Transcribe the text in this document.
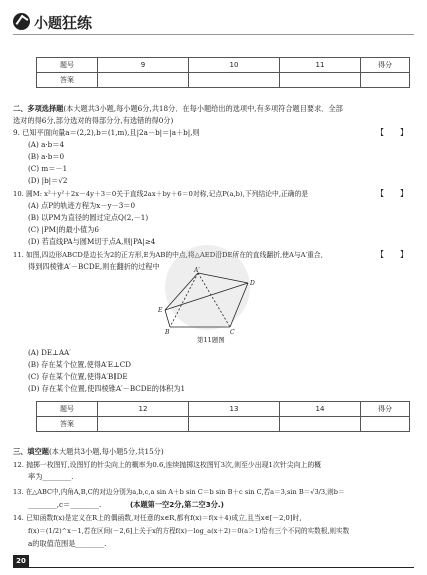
小题狂练
题号	9	10	11	得分
答案				
二、多项选择题(本大题共3小题,每小题6分,共18分．在每小题给出的选项中,有多项符合题目要求．全部
选对的得6分,部分选对的得部分分,有选错的得0分)
9. 已知平面向量a＝(2,2),b＝(1,m),且|2a－b|＝|a＋b|,则	【　　】
(A) a·b＝4
(B) a·b＝0
(C) m＝－1
(D) |b|＝√2
10. 圆M: x²＋y²＋2x－4y＋3＝0关于直线2ax＋by＋6＝0对称,记点P(a,b),下列结论中,正确的是	【　　】
(A) 点P的轨迹方程为x－y－3＝0
(B) 以PM为直径的圆过定点Q(2,－1)
(C) |PM|的最小值为6
(D) 若直线PA与圆M切于点A,则|PA|≥4
11. 如图,四边形ABCD是边长为2的正方形,E为AB的中点,将△AED沿DE所在的直线翻折,使A与A′重合,	【　　】
得到四棱锥A′－BCDE,则在翻折的过程中	A′
D
E
B	C
第11题图
(A) DE⊥AA′
(B) 存在某个位置,使得A′E⊥CD
(C) 存在某个位置,使得A′B∥DE
(D) 存在某个位置,使四棱锥A′－BCDE的体积为1
题号	12	13	14	得分
答案				
三、填空题(本大题共3小题,每小题5分,共15分)
12. 抛掷一枚图钉,设图钉的针尖向上的概率为0.6,连续抛掷这枚图钉3次,则至少出现1次针尖向上的概
率为________.
13. 在△ABC中,内角A,B,C的对边分别为a,b,c,a sin A＋b sin C＝b sin B＋c sin C,若a＝3,sin B＝√3/3,则b＝
________,c＝________.	(本题第一空2分,第二空3分.)
14. 已知函数f(x)是定义在R上的偶函数,对任意的x∈R,都有f(x)＝f(x＋4)成立,且当x∈[－2,0]时,
f(x)＝(1/2)^x－1,若在区间(－2,6]上关于x的方程f(x)－log_a(x＋2)＝0(a＞1)恰有三个不同的实数根,则实数
a的取值范围是________.
20
